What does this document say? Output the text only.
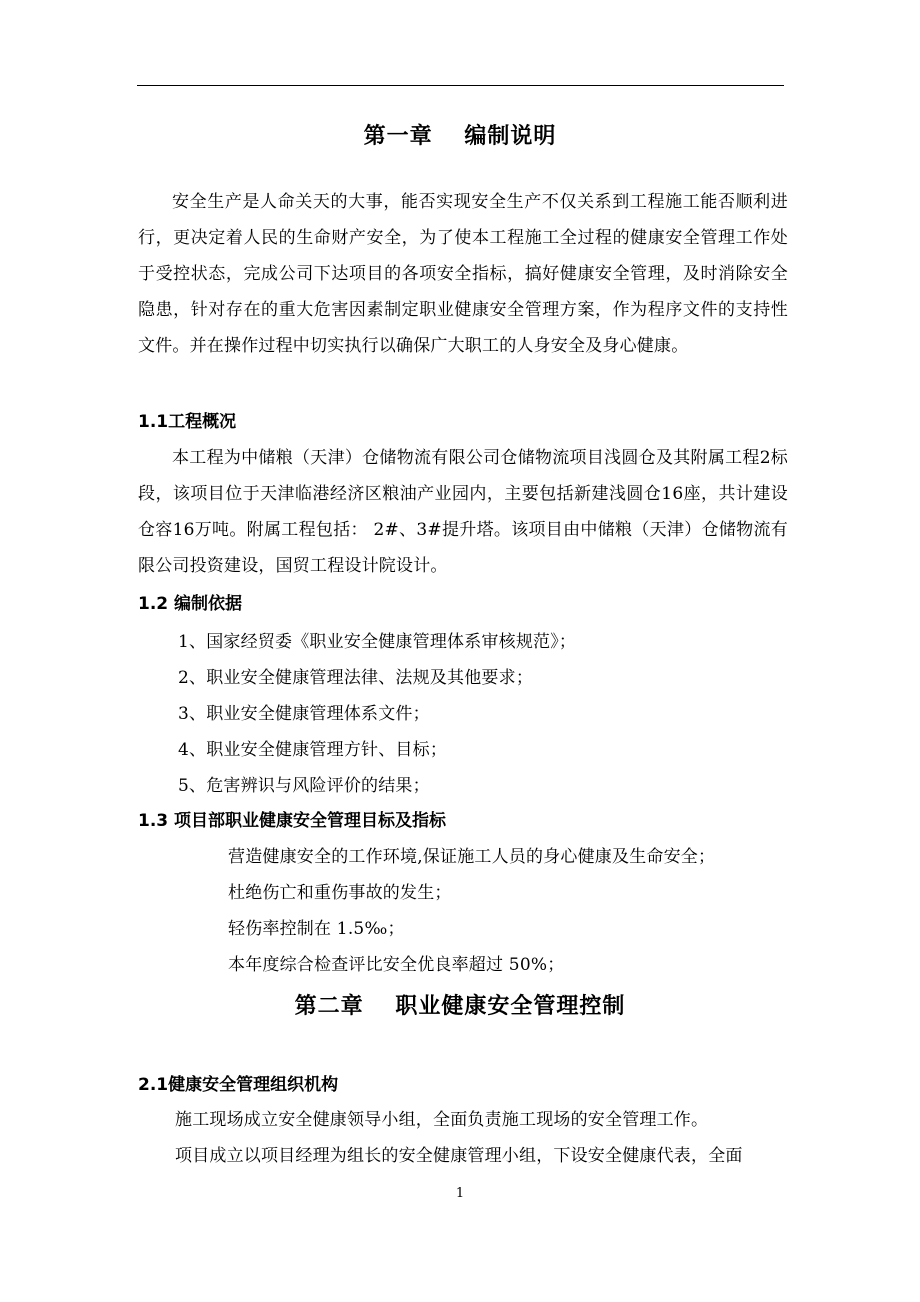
第一章　 编制说明
安全生产是人命关天的大事，能否实现安全生产不仅关系到工程施工能否顺利进行，更决定着人民的生命财产安全，为了使本工程施工全过程的健康安全管理工作处于受控状态，完成公司下达项目的各项安全指标，搞好健康安全管理，及时消除安全隐患，针对存在的重大危害因素制定职业健康安全管理方案，作为程序文件的支持性文件。并在操作过程中切实执行以确保广大职工的人身安全及身心健康。
1.1工程概况
本工程为中储粮（天津）仓储物流有限公司仓储物流项目浅圆仓及其附属工程2标段，该项目位于天津临港经济区粮油产业园内，主要包括新建浅圆仓16座，共计建设仓容16万吨。附属工程包括： 2#、3#提升塔。该项目由中储粮（天津）仓储物流有限公司投资建设，国贸工程设计院设计。
1.2 编制依据
1、国家经贸委《职业安全健康管理体系审核规范》；
2、职业安全健康管理法律、法规及其他要求；
3、职业安全健康管理体系文件；
4、职业安全健康管理方针、目标；
5、危害辨识与风险评价的结果；
1.3 项目部职业健康安全管理目标及指标
营造健康安全的工作环境,保证施工人员的身心健康及生命安全；
杜绝伤亡和重伤事故的发生；
轻伤率控制在 1.5‰；
本年度综合检查评比安全优良率超过 50%；
第二章　 职业健康安全管理控制
2.1健康安全管理组织机构
施工现场成立安全健康领导小组，全面负责施工现场的安全管理工作。
项目成立以项目经理为组长的安全健康管理小组，下设安全健康代表，全面
1
